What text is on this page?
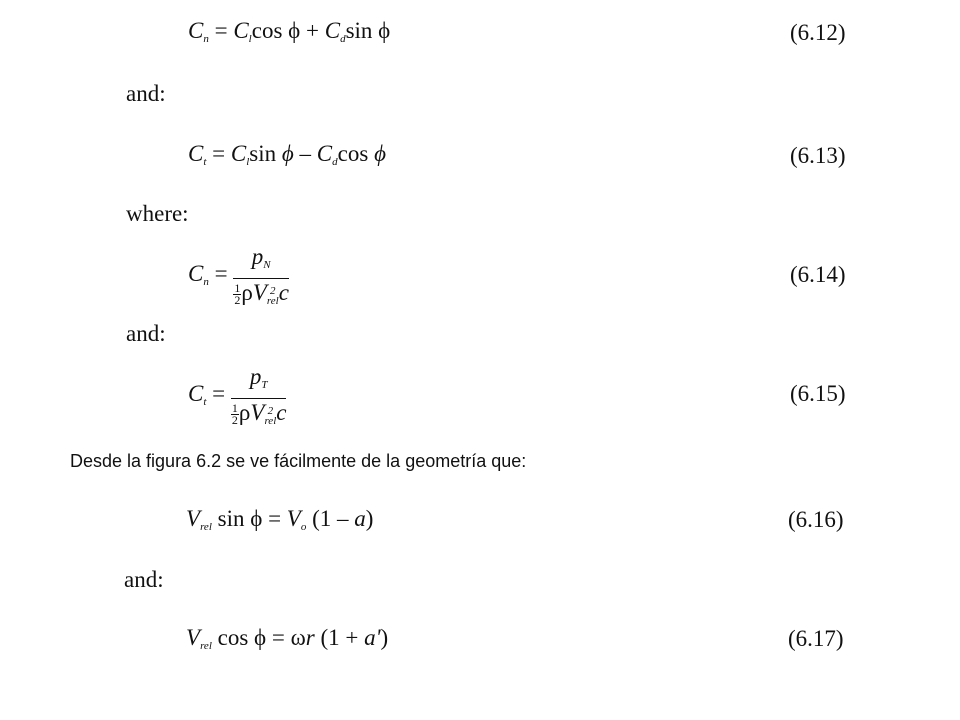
$C_n = C_l\cos$ $\phi + C_d\sin$ ϕ	(6.12)
and:
$C_t = C_l\sin$ ϕ – $C_d\cos$ ϕ	(6.13)
where:
$C_n = p_N$
$\frac{1}{2}$ ρV 2
rel c	(6.14)
and:
$C_t = p_T$
$\frac{1}{2}$ ρV 2
rel c	(6.15)
Desde la figura 6.2 se ve fácilmente de la geometría que:
$V_{rel}$ $\sin \phi = V_o$ (1 – a)	(6.16)
and:
$V_{rel}$ cos ϕ = ωr (1 + a')	(6.17)
